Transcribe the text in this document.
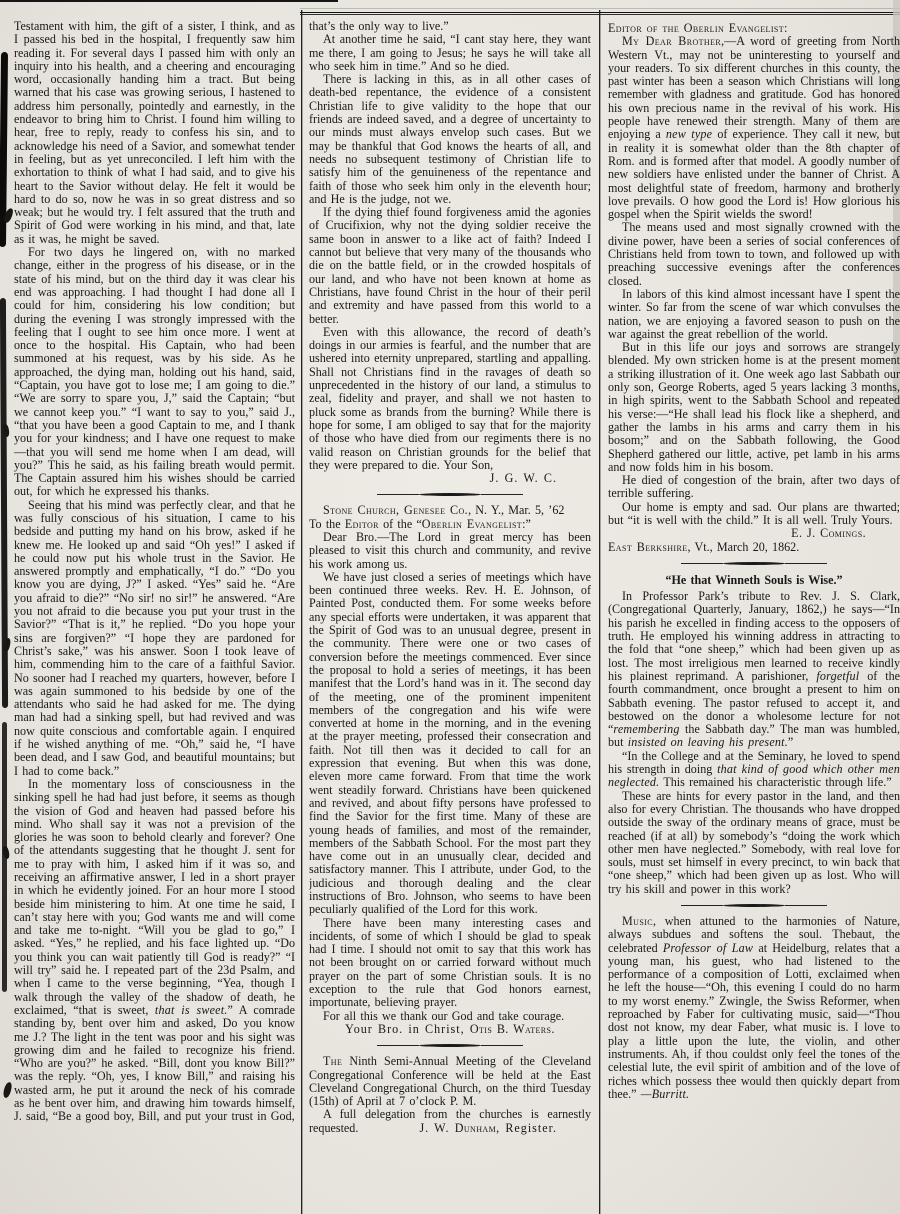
Testament with him, the gift of a sister, I think, and as I passed his bed in the hospital, I frequently saw him reading it. For several days I passed him with only an inquiry into his health, and a cheering and encouraging word, occasionally handing him a tract. But being warned that his case was growing serious, I hastened to address him personally, pointedly and earnestly, in the endeavor to bring him to Christ. I found him willing to hear, free to reply, ready to confess his sin, and to acknowledge his need of a Savior, and somewhat tender in feeling, but as yet unreconciled. I left him with the exhortation to think of what I had said, and to give his heart to the Savior without delay. He felt it would be hard to do so, now he was in so great distress and so weak; but he would try. I felt assured that the truth and Spirit of God were working in his mind, and that, late as it was, he might be saved.
For two days he lingered on, with no marked change, either in the progress of his disease, or in the state of his mind, but on the third day it was clear his end was approaching. I had thought I had done all I could for him, considering his low condition; but during the evening I was strongly impressed with the feeling that I ought to see him once more. I went at once to the hospital. His Captain, who had been summoned at his request, was by his side. As he approached, the dying man, holding out his hand, said, “Captain, you have got to lose me; I am going to die.” “We are sorry to spare you, J,” said the Captain; “but we cannot keep you.” “I want to say to you,” said J., “that you have been a good Captain to me, and I thank you for your kindness; and I have one request to make—that you will send me home when I am dead, will you?” This he said, as his failing breath would permit. The Captain assured him his wishes should be carried out, for which he expressed his thanks.
Seeing that his mind was perfectly clear, and that he was fully conscious of his situation, I came to his bedside and putting my hand on his brow, asked if he knew me. He looked up and said “Oh yes!” I asked if he could now put his whole trust in the Savior. He answered promptly and emphatically, “I do.” “Do you know you are dying, J?” I asked. “Yes” said he. “Are you afraid to die?” “No sir! no sir!” he answered. “Are you not afraid to die because you put your trust in the Savior?” “That is it,” he replied. “Do you hope your sins are forgiven?” “I hope they are pardoned for Christ’s sake,” was his answer. Soon I took leave of him, commending him to the care of a faithful Savior. No sooner had I reached my quarters, however, before I was again summoned to his bedside by one of the attendants who said he had asked for me. The dying man had had a sinking spell, but had revived and was now quite conscious and comfortable again. I enquired if he wished anything of me. “Oh,” said he, “I have been dead, and I saw God, and beautiful mountains; but I had to come back.”
In the momentary loss of consciousness in the sinking spell he had had just before, it seems as though the vision of God and heaven had passed before his mind. Who shall say it was not a prevision of the glories he was soon to behold clearly and forever? One of the attendants suggesting that he thought J. sent for me to pray with him, I asked him if it was so, and receiving an affirmative answer, I led in a short prayer in which he evidently joined. For an hour more I stood beside him ministering to him. At one time he said, I can’t stay here with you; God wants me and will come and take me to-night. “Will you be glad to go,” I asked. “Yes,” he replied, and his face lighted up. “Do you think you can wait patiently till God is ready?” “I will try” said he. I repeated part of the 23d Psalm, and when I came to the verse beginning, “Yea, though I walk through the valley of the shadow of death, he exclaimed, “that is sweet, that is sweet.” A comrade standing by, bent over him and asked, Do you know me J.? The light in the tent was poor and his sight was growing dim and he failed to recognize his friend. “Who are you?” he asked. “Bill, dont you know Bill?” was the reply. “Oh, yes, I know Bill,” and raising his wasted arm, he put it around the neck of his comrade as he bent over him, and drawing him towards himself, J. said, “Be a good boy, Bill, and put your trust in God,
that’s the only way to live.”
At another time he said, “I cant stay here, they want me there, I am going to Jesus; he says he will take all who seek him in time.” And so he died.
There is lacking in this, as in all other cases of death-bed repentance, the evidence of a consistent Christian life to give validity to the hope that our friends are indeed saved, and a degree of uncertainty to our minds must always envelop such cases. But we may be thankful that God knows the hearts of all, and needs no subsequent testimony of Christian life to satisfy him of the genuineness of the repentance and faith of those who seek him only in the eleventh hour; and He is the judge, not we.
If the dying thief found forgiveness amid the agonies of Crucifixion, why not the dying soldier receive the same boon in answer to a like act of faith? Indeed I cannot but believe that very many of the thousands who die on the battle field, or in the crowded hospitals of our land, and who have not been known at home as Christians, have found Christ in the hour of their peril and extremity and have passed from this world to a better.
Even with this allowance, the record of death’s doings in our armies is fearful, and the number that are ushered into eternity unprepared, startling and appalling. Shall not Christians find in the ravages of death so unprecedented in the history of our land, a stimulus to zeal, fidelity and prayer, and shall we not hasten to pluck some as brands from the burning? While there is hope for some, I am obliged to say that for the majority of those who have died from our regiments there is no valid reason on Christian grounds for the belief that they were prepared to die. Your Son,
J. G. W. C.
Stone Church, Genesee Co., N. Y., Mar. 5, ’62
To the Editor of the “Oberlin Evangelist:”
Dear Bro.—The Lord in great mercy has been pleased to visit this church and community, and revive his work among us.
We have just closed a series of meetings which have been continued three weeks. Rev. H. E. Johnson, of Painted Post, conducted them. For some weeks before any special efforts were undertaken, it was apparent that the Spirit of God was to an unusual degree, present in the community. There were one or two cases of conversion before the meetings commenced. Ever since the proposal to hold a series of meetings, it has been manifest that the Lord’s hand was in it. The second day of the meeting, one of the prominent impenitent members of the congregation and his wife were converted at home in the morning, and in the evening at the prayer meeting, professed their consecration and faith. Not till then was it decided to call for an expression that evening. But when this was done, eleven more came forward. From that time the work went steadily forward. Christians have been quickened and revived, and about fifty persons have professed to find the Savior for the first time. Many of these are young heads of families, and most of the remainder, members of the Sabbath School. For the most part they have come out in an unusually clear, decided and satisfactory manner. This I attribute, under God, to the judicious and thorough dealing and the clear instructions of Bro. Johnson, who seems to have been peculiarly qualified of the Lord for this work.
There have been many interesting cases and incidents, of some of which I should be glad to speak had I time. I should not omit to say that this work has not been brought on or carried forward without much prayer on the part of some Christian souls. It is no exception to the rule that God honors earnest, importunate, believing prayer.
For all this we thank our God and take courage.
Your Bro. in Christ, Otis B. Waters.
The Ninth Semi-Annual Meeting of the Cleveland Congregational Conference will be held at the East Cleveland Congregational Church, on the third Tuesday (15th) of April at 7 o’clock P. M.
A full delegation from the churches is earnestly requested.	J. W. Dunham, Register.
Editor of the Oberlin Evangelist:
My Dear Brother,—A word of greeting from North Western Vt., may not be uninteresting to yourself and your readers. To six different churches in this county, the past winter has been a season which Christians will long remember with gladness and gratitude. God has honored his own precious name in the revival of his work. His people have renewed their strength. Many of them are enjoying a new type of experience. They call it new, but in reality it is somewhat older than the 8th chapter of Rom. and is formed after that model. A goodly number of new soldiers have enlisted under the banner of Christ. A most delightful state of freedom, harmony and brotherly love prevails. O how good the Lord is! How glorious his gospel when the Spirit wields the sword!
The means used and most signally crowned with the divine power, have been a series of social conferences of Christians held from town to town, and followed up with preaching successive evenings after the conferences closed.
In labors of this kind almost incessant have I spent the winter. So far from the scene of war which convulses the nation, we are enjoying a favored season to push on the war against the great rebellion of the world.
But in this life our joys and sorrows are strangely blended. My own stricken home is at the present moment a striking illustration of it. One week ago last Sabbath our only son, George Roberts, aged 5 years lacking 3 months, in high spirits, went to the Sabbath School and repeated his verse:—“He shall lead his flock like a shepherd, and gather the lambs in his arms and carry them in his bosom;” and on the Sabbath following, the Good Shepherd gathered our little, active, pet lamb in his arms and now folds him in his bosom.
He died of congestion of the brain, after two days of terrible suffering.
Our home is empty and sad. Our plans are thwarted; but “it is well with the child.” It is all well. Truly Yours.
E. J. Comings.
East Berkshire, Vt., March 20, 1862.
“He that Winneth Souls is Wise.”
In Professor Park’s tribute to Rev. J. S. Clark, (Congregational Quarterly, January, 1862,) he says—“In his parish he excelled in finding access to the opposers of truth. He employed his winning address in attracting to the fold that “one sheep,” which had been given up as lost. The most irreligious men learned to receive kindly his plainest reprimand. A parishioner, forgetful of the fourth commandment, once brought a present to him on Sabbath evening. The pastor refused to accept it, and bestowed on the donor a wholesome lecture for not “remembering the Sabbath day.” The man was humbled, but insisted on leaving his present.”
“In the College and at the Seminary, he loved to spend his strength in doing that kind of good which other men neglected. This remained his characteristic through life.”
These are hints for every pastor in the land, and then also for every Christian. The thousands who have dropped outside the sway of the ordinary means of grace, must be reached (if at all) by somebody’s “doing the work which other men have neglected.” Somebody, with real love for souls, must set himself in every precinct, to win back that “one sheep,” which had been given up as lost. Who will try his skill and power in this work?
Music, when attuned to the harmonies of Nature, always subdues and softens the soul. Thebaut, the celebrated Professor of Law at Heidelburg, relates that a young man, his guest, who had listened to the performance of a composition of Lotti, exclaimed when he left the house—“Oh, this evening I could do no harm to my worst enemy.” Zwingle, the Swiss Reformer, when reproached by Faber for cultivating music, said—“Thou dost not know, my dear Faber, what music is. I love to play a little upon the lute, the violin, and other instruments. Ah, if thou couldst only feel the tones of the celestial lute, the evil spirit of ambition and of the love of riches which possess thee would then quickly depart from thee.” —Burritt.
